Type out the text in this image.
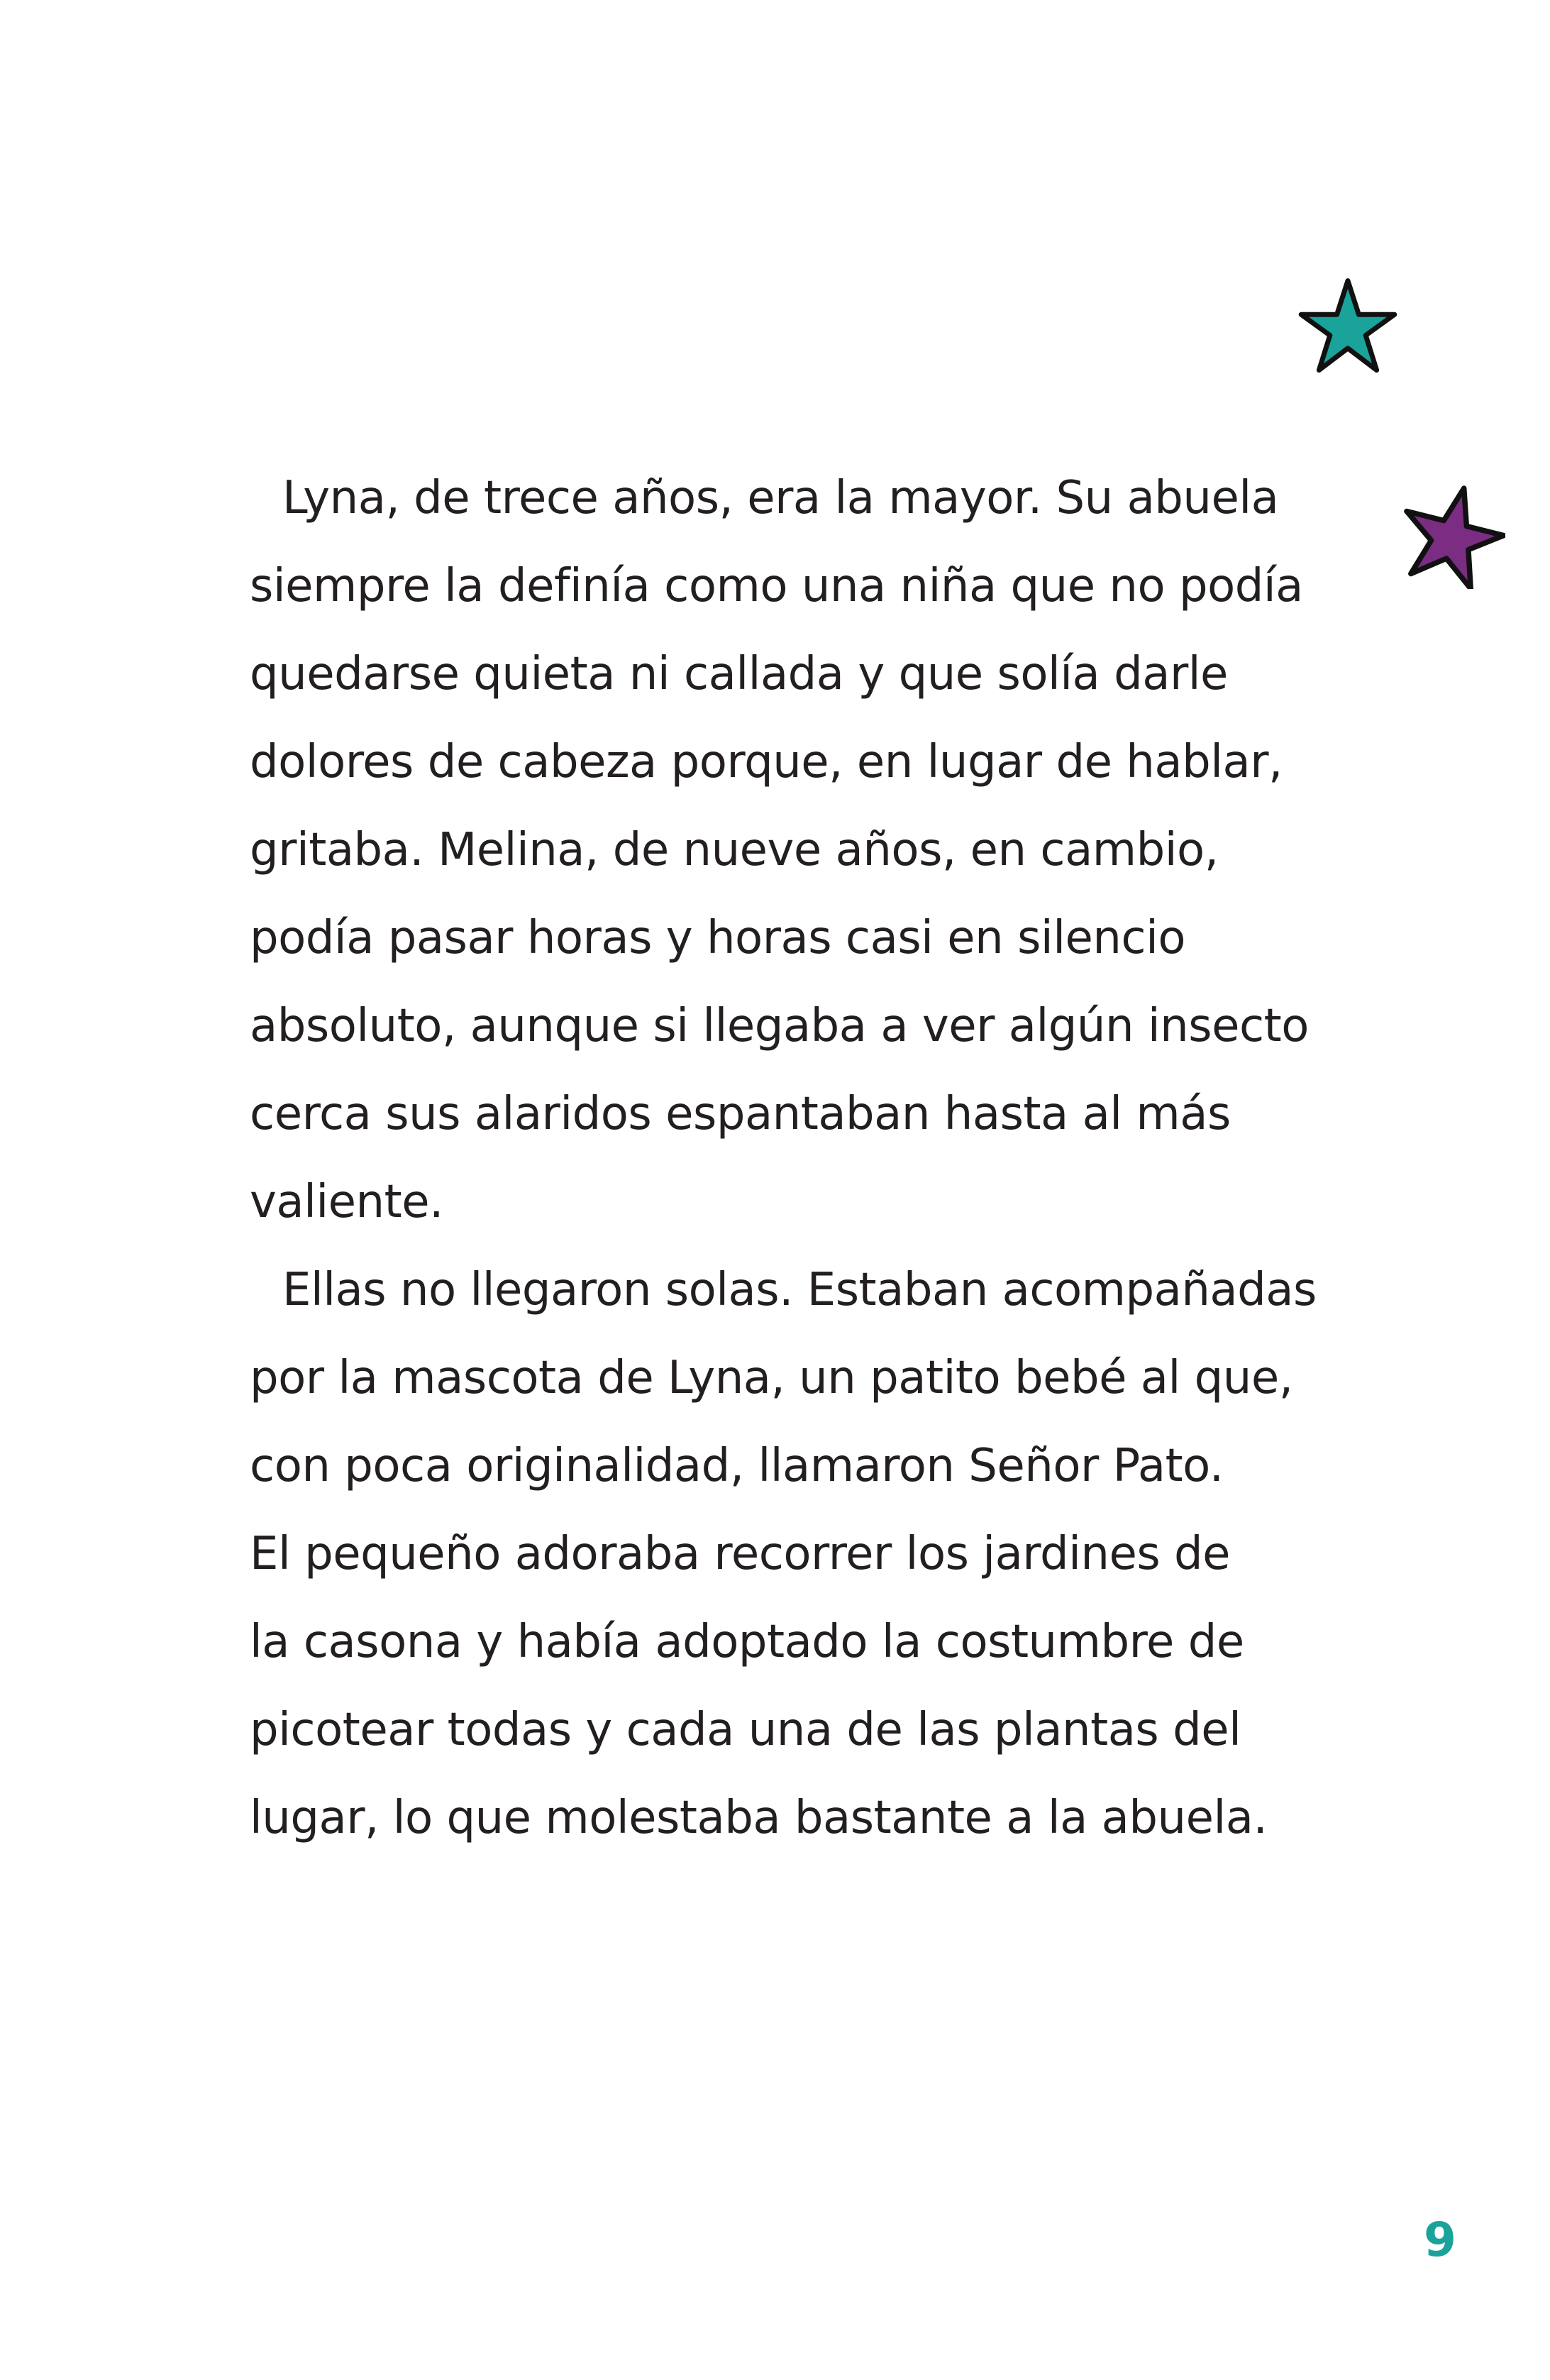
Lyna, de trece años, era la mayor. Su abuela
siempre la definía como una niña que no podía
quedarse quieta ni callada y que solía darle
dolores de cabeza porque, en lugar de hablar,
gritaba. Melina, de nueve años, en cambio,
podía pasar horas y horas casi en silencio
absoluto, aunque si llegaba a ver algún insecto
cerca sus alaridos espantaban hasta al más
valiente.
Ellas no llegaron solas. Estaban acompañadas
por la mascota de Lyna, un patito bebé al que,
con poca originalidad, llamaron Señor Pato.
El pequeño adoraba recorrer los jardines de
la casona y había adoptado la costumbre de
picotear todas y cada una de las plantas del
lugar, lo que molestaba bastante a la abuela.
9
